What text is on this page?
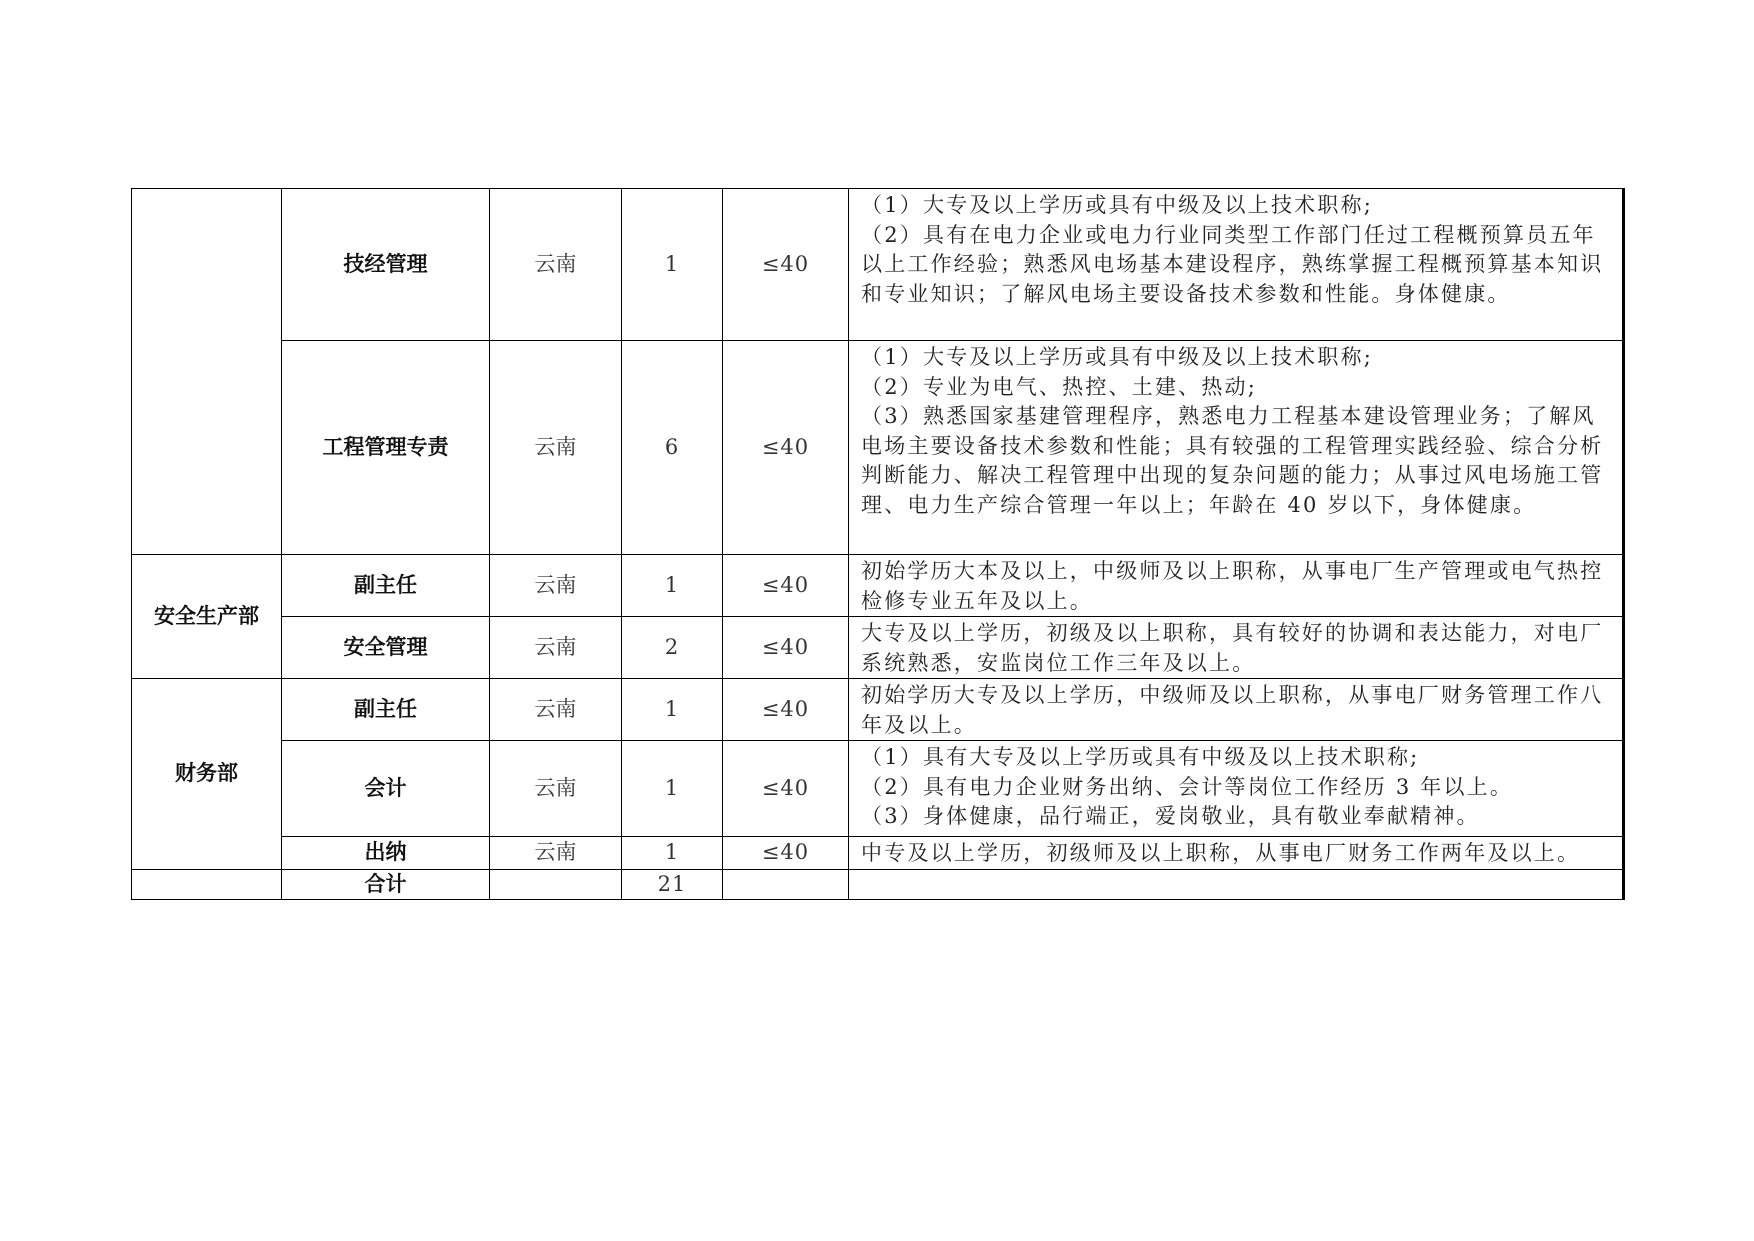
	技经管理	云南	1	≤40	（1）大专及以上学历或具有中级及以上技术职称;
（2）具有在电力企业或电力行业同类型工作部门任过工程概预算员五年以上工作经验；熟悉风电场基本建设程序，熟练掌握工程概预算基本知识和专业知识；了解风电场主要设备技术参数和性能。身体健康。

	工程管理专责	云南	6	≤40	（1）大专及以上学历或具有中级及以上技术职称;
（2）专业为电气、热控、土建、热动;
（3）熟悉国家基建管理程序，熟悉电力工程基本建设管理业务；了解风电场主要设备技术参数和性能；具有较强的工程管理实践经验、综合分析判断能力、解决工程管理中出现的复杂问题的能力；从事过风电场施工管理、电力生产综合管理一年以上；年龄在 40 岁以下，身体健康。

安全生产部	副主任	云南	1	≤40	初始学历大本及以上，中级师及以上职称，从事电厂生产管理或电气热控检修专业五年及以上。

	安全管理	云南	2	≤40	大专及以上学历，初级及以上职称，具有较好的协调和表达能力，对电厂系统熟悉，安监岗位工作三年及以上。

财务部	副主任	云南	1	≤40	初始学历大专及以上学历，中级师及以上职称，从事电厂财务管理工作八年及以上。

	会计	云南	1	≤40	（1）具有大专及以上学历或具有中级及以上技术职称;
（2）具有电力企业财务出纳、会计等岗位工作经历 3 年以上。
（3）身体健康，品行端正，爱岗敬业，具有敬业奉献精神。

	出纳	云南	1	≤40	中专及以上学历，初级师及以上职称，从事电厂财务工作两年及以上。

	合计		21		
